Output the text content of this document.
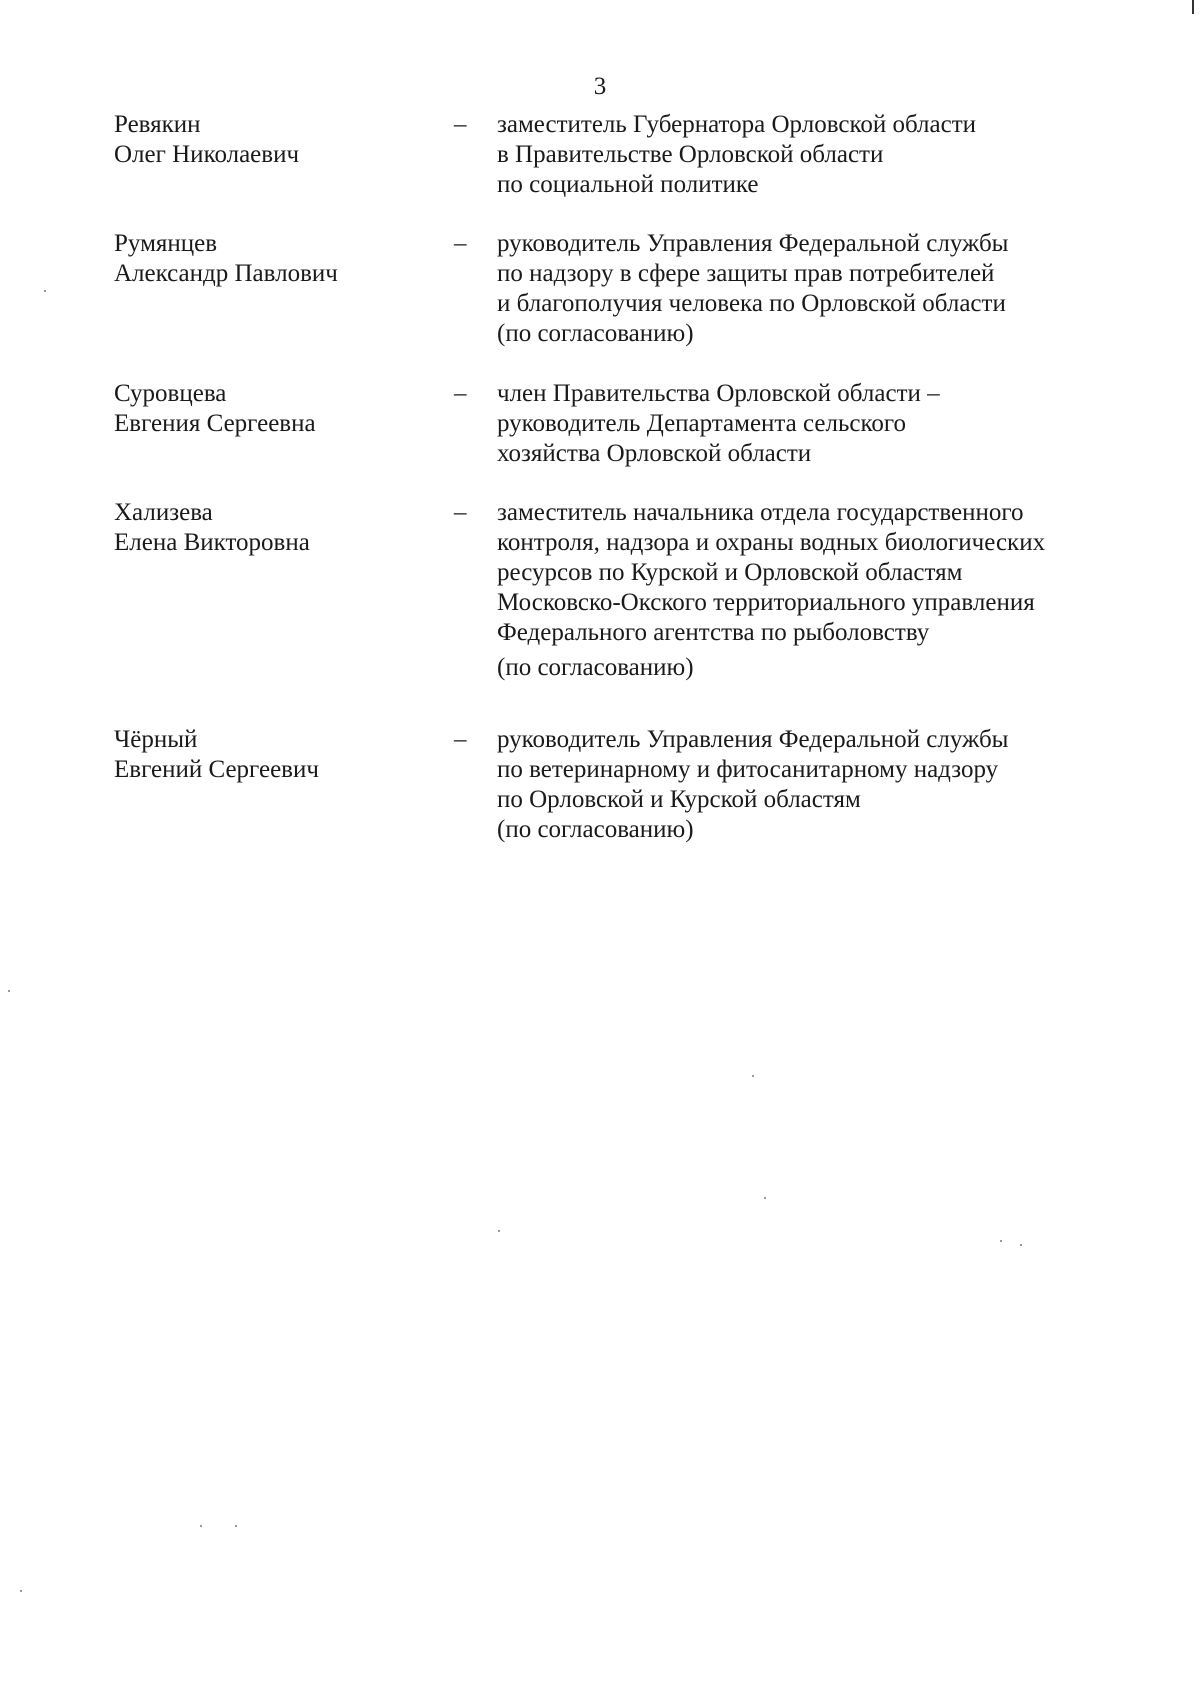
3
Ревякин
Олег Николаевич
– заместитель Губернатора Орловской области
в Правительстве Орловской области
по социальной политике
Румянцев
Александр Павлович
– руководитель Управления Федеральной службы
по надзору в сфере защиты прав потребителей
и благополучия человека по Орловской области
(по согласованию)
Суровцева
Евгения Сергеевна
– член Правительства Орловской области –
руководитель Департамента сельского
хозяйства Орловской области
Хализева
Елена Викторовна
– заместитель начальника отдела государственного
контроля, надзора и охраны водных биологических
ресурсов по Курской и Орловской областям
Московско-Окского территориального управления
Федерального агентства по рыболовству
(по согласованию)
Чёрный
Евгений Сергеевич
– руководитель Управления Федеральной службы
по ветеринарному и фитосанитарному надзору
по Орловской и Курской областям
(по согласованию)
